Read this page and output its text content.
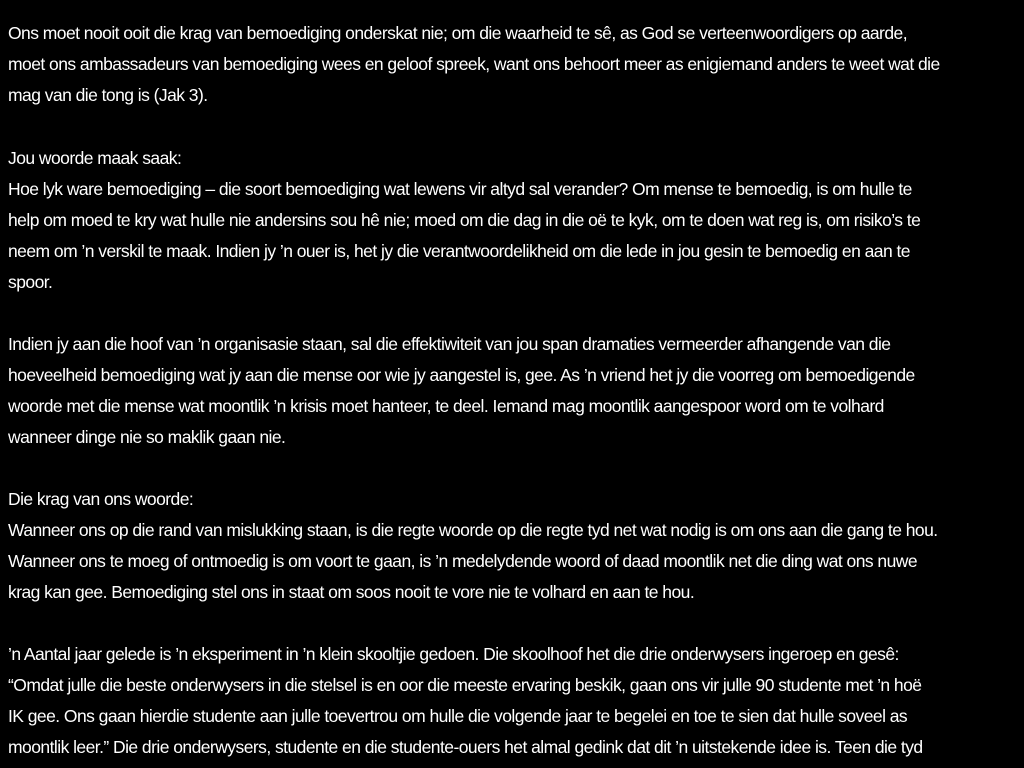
Ons moet nooit ooit die krag van bemoediging onderskat nie; om die waarheid te sê, as God se verteenwoordigers op aarde,
moet ons ambassadeurs van bemoediging wees en geloof spreek, want ons behoort meer as enigiemand anders te weet wat die
mag van die tong is (Jak 3).
Jou woorde maak saak:
Hoe lyk ware bemoediging – die soort bemoediging wat lewens vir altyd sal verander? Om mense te bemoedig, is om hulle te
help om moed te kry wat hulle nie andersins sou hê nie; moed om die dag in die oë te kyk, om te doen wat reg is, om risiko’s te
neem om ’n verskil te maak. Indien jy ’n ouer is, het jy die verantwoordelikheid om die lede in jou gesin te bemoedig en aan te
spoor.
Indien jy aan die hoof van ’n organisasie staan, sal die effektiwiteit van jou span dramaties vermeerder afhangende van die
hoeveelheid bemoediging wat jy aan die mense oor wie jy aangestel is, gee. As ’n vriend het jy die voorreg om bemoedigende
woorde met die mense wat moontlik ’n krisis moet hanteer, te deel. Iemand mag moontlik aangespoor word om te volhard
wanneer dinge nie so maklik gaan nie.
Die krag van ons woorde:
Wanneer ons op die rand van mislukking staan, is die regte woorde op die regte tyd net wat nodig is om ons aan die gang te hou.
Wanneer ons te moeg of ontmoedig is om voort te gaan, is ’n medelydende woord of daad moontlik net die ding wat ons nuwe
krag kan gee. Bemoediging stel ons in staat om soos nooit te vore nie te volhard en aan te hou.
’n Aantal jaar gelede is ’n eksperiment in ’n klein skooltjie gedoen. Die skoolhoof het die drie onderwysers ingeroep en gesê:
“Omdat julle die beste onderwysers in die stelsel is en oor die meeste ervaring beskik, gaan ons vir julle 90 studente met ’n hoë
IK gee. Ons gaan hierdie studente aan julle toevertrou om hulle die volgende jaar te begelei en toe te sien dat hulle soveel as
moontlik leer.” Die drie onderwysers, studente en die studente-ouers het almal gedink dat dit ’n uitstekende idee is. Teen die tyd
